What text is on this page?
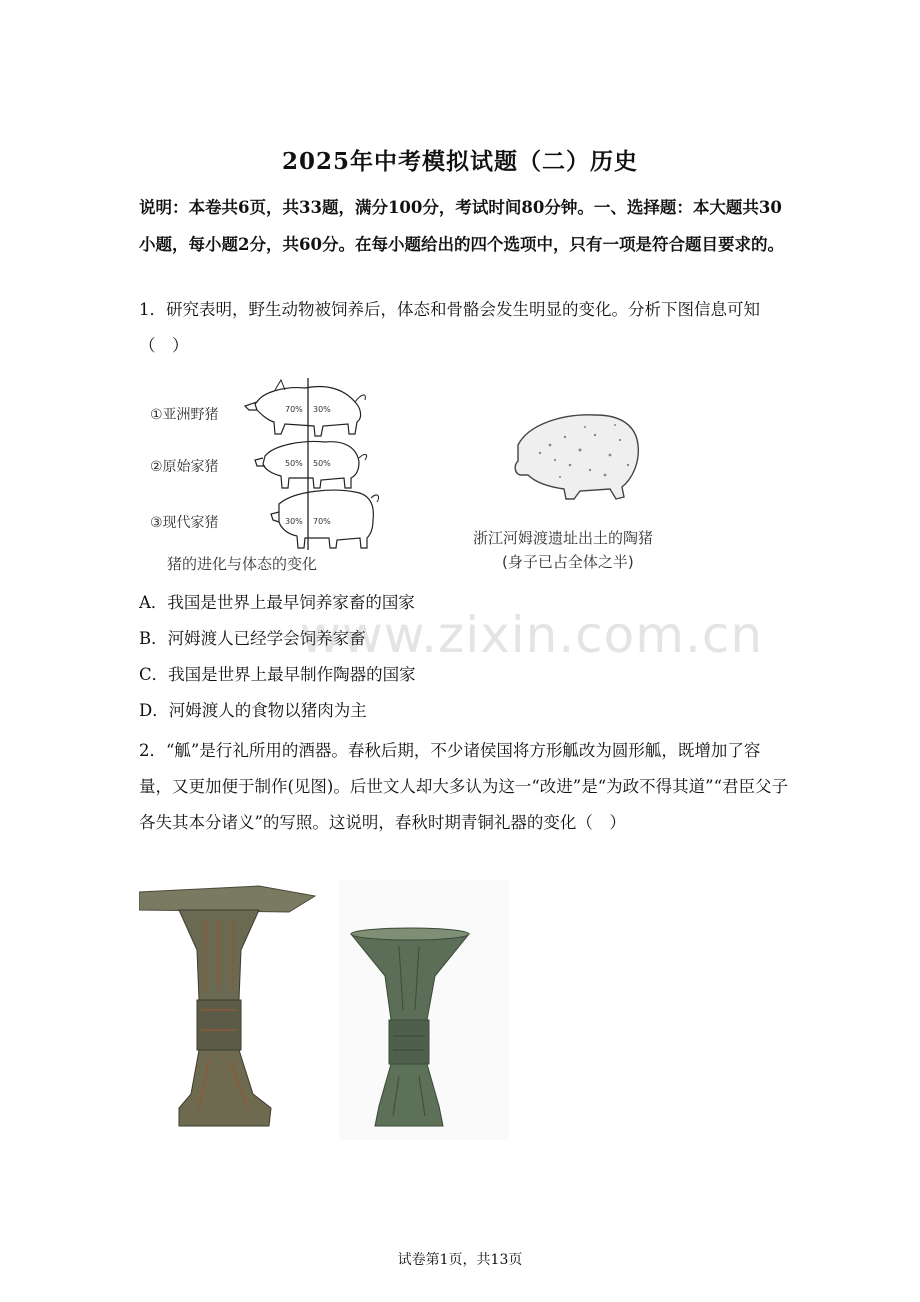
www.zixin.com.cn
2025年中考模拟试题（二）历史
说明：本卷共6页，共33题，满分100分，考试时间80分钟。一、选择题：本大题共30小题，每小题2分，共60分。在每小题给出的四个选项中，只有一项是符合题目要求的。
1．研究表明，野生动物被饲养后，体态和骨骼会发生明显的变化。分析下图信息可知（　）
70% 30%
50% 50%
30% 70%
①亚洲野猪
②原始家猪
③现代家猪
猪的进化与体态的变化
浙江河姆渡遗址出土的陶猪
(身子已占全体之半)
A．我国是世界上最早饲养家畜的国家
B．河姆渡人已经学会饲养家畜
C．我国是世界上最早制作陶器的国家
D．河姆渡人的食物以猪肉为主
2．“觚”是行礼所用的酒器。春秋后期，不少诸侯国将方形觚改为圆形觚，既增加了容量，又更加便于制作(见图)。后世文人却大多认为这一“改进”是“为政不得其道”“君臣父子各失其本分诸义”的写照。这说明，春秋时期青铜礼器的变化（　）
试卷第1页，共13页
